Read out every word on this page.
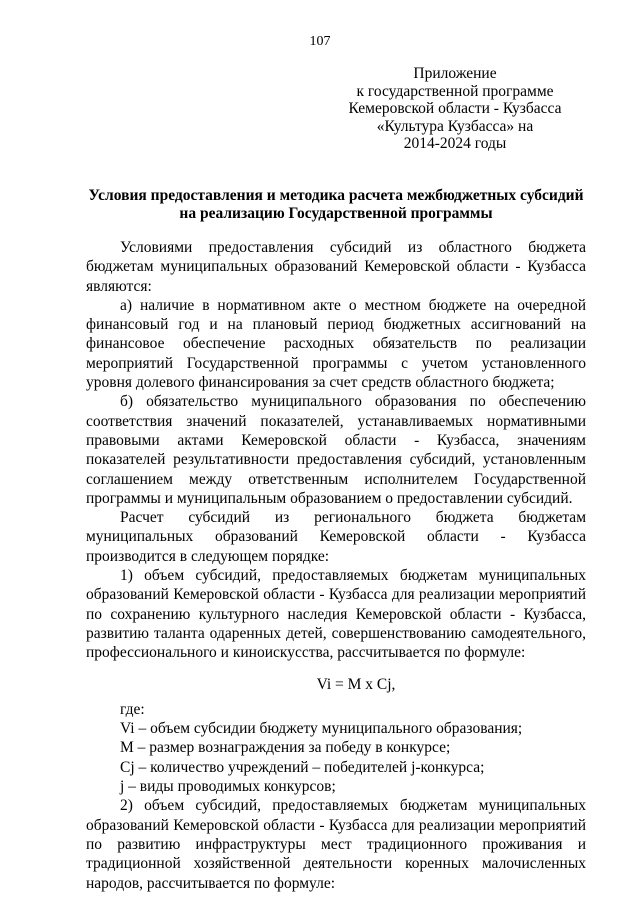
107
Приложение
к государственной программе
Кемеровской области - Кузбасса
«Культура Кузбасса» на
2014-2024 годы
Условия предоставления и методика расчета межбюджетных субсидий
на реализацию Государственной программы

Условиями предоставления субсидий из областного бюджета бюджетам муниципальных образований Кемеровской области - Кузбасса являются:

а) наличие в нормативном акте о местном бюджете на очередной финансовый год и на плановый период бюджетных ассигнований на финансовое обеспечение расходных обязательств по реализации мероприятий Государственной программы с учетом установленного уровня долевого финансирования за счет средств областного бюджета;

б) обязательство муниципального образования по обеспечению соответствия значений показателей, устанавливаемых нормативными правовыми актами Кемеровской области - Кузбасса, значениям показателей результативности предоставления субсидий, установленным соглашением между ответственным исполнителем Государственной программы и муниципальным образованием о предоставлении субсидий.

Расчет субсидий из регионального бюджета бюджетам муниципальных образований Кемеровской области - Кузбасса производится в следующем порядке:

1) объем субсидий, предоставляемых бюджетам муниципальных образований Кемеровской области - Кузбасса для реализации мероприятий по сохранению культурного наследия Кемеровской области - Кузбасса, развитию таланта одаренных детей, совершенствованию самодеятельного, профессионального и киноискусства, рассчитывается по формуле:

Vi = M x Cj,

где:

Vi – объем субсидии бюджету муниципального образования;

M – размер вознаграждения за победу в конкурсе;

Cj – количество учреждений – победителей j-конкурса;

j – виды проводимых конкурсов;

2) объем субсидий, предоставляемых бюджетам муниципальных образований Кемеровской области - Кузбасса для реализации мероприятий по развитию инфраструктуры мест традиционного проживания и традиционной хозяйственной деятельности коренных малочисленных народов, рассчитывается по формуле:
